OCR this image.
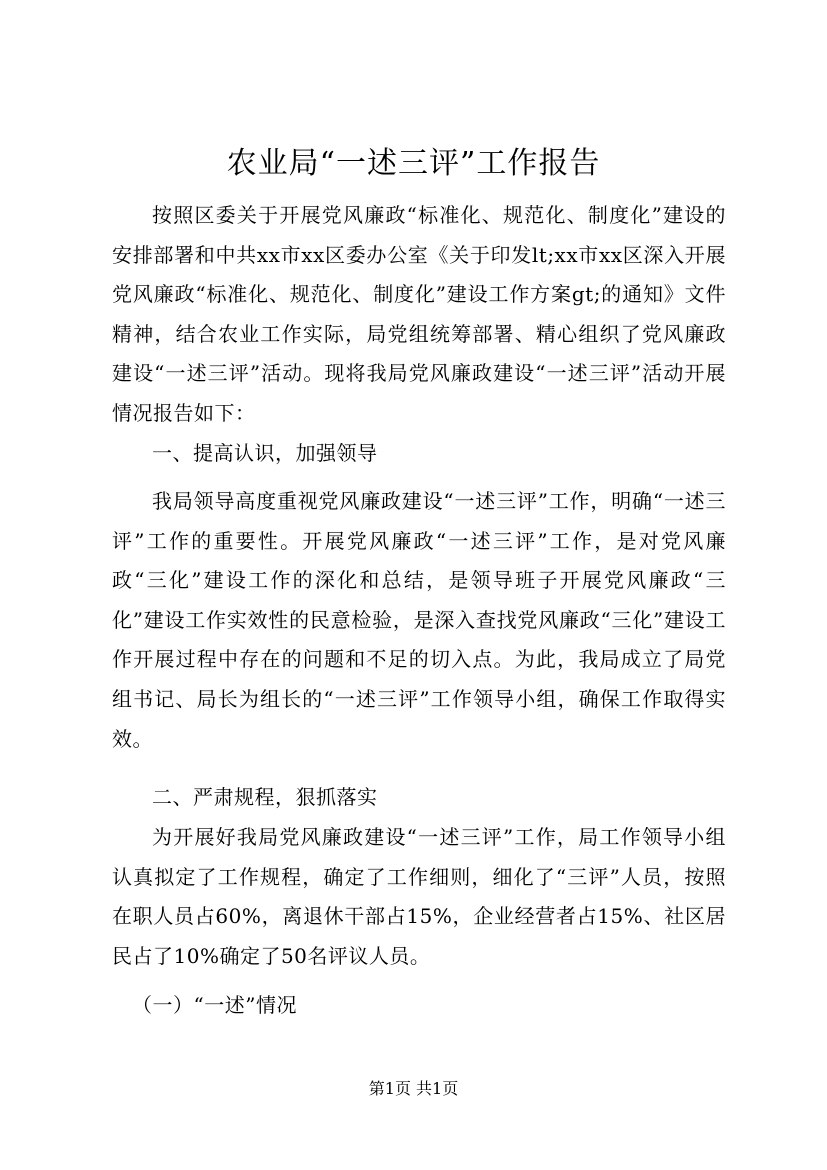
农业局“一述三评”工作报告
按照区委关于开展党风廉政“标准化、规范化、制度化”建设的安排部署和中共xx市xx区委办公室《关于印发lt;xx市xx区深入开展党风廉政“标准化、规范化、制度化”建设工作方案gt;的通知》文件精神，结合农业工作实际，局党组统筹部署、精心组织了党风廉政建设“一述三评”活动。现将我局党风廉政建设“一述三评”活动开展情况报告如下：
一、提高认识，加强领导
我局领导高度重视党风廉政建设“一述三评”工作，明确“一述三评”工作的重要性。开展党风廉政“一述三评”工作，是对党风廉政“三化”建设工作的深化和总结，是领导班子开展党风廉政“三化”建设工作实效性的民意检验，是深入查找党风廉政“三化”建设工作开展过程中存在的问题和不足的切入点。为此，我局成立了局党组书记、局长为组长的“一述三评”工作领导小组，确保工作取得实效。
二、严肃规程，狠抓落实
为开展好我局党风廉政建设“一述三评”工作，局工作领导小组认真拟定了工作规程，确定了工作细则，细化了“三评”人员，按照在职人员占60%，离退休干部占15%，企业经营者占15%、社区居民占了10%确定了50名评议人员。
（一）“一述”情况
第1页 共1页
